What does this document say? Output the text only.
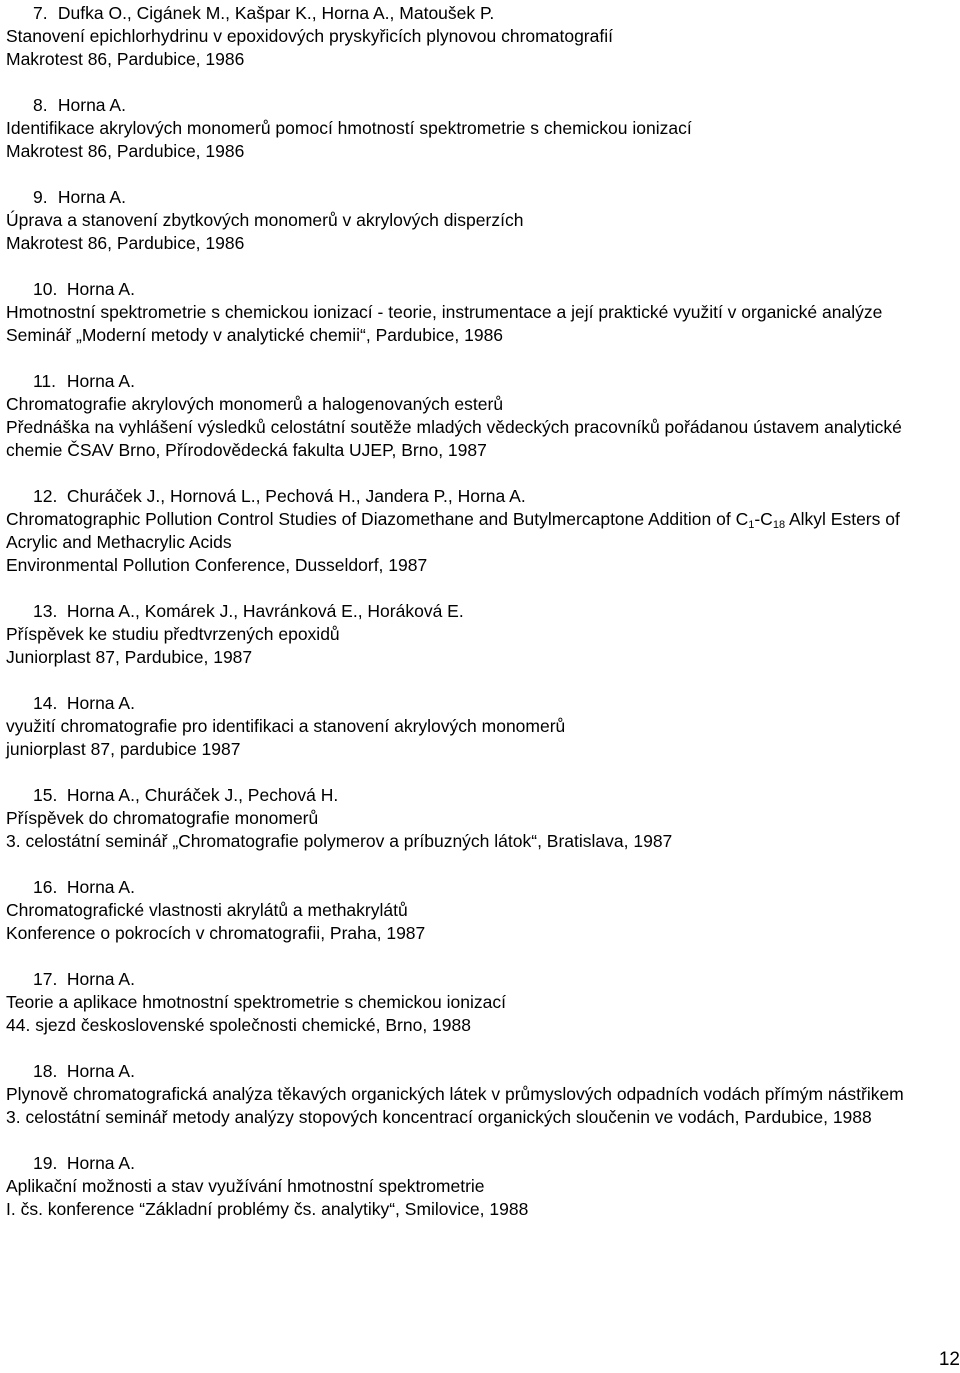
7. Dufka O., Cigánek M., Kašpar K., Horna A., Matoušek P.
Stanovení epichlorhydrinu v epoxidových pryskyřicích plynovou chromatografií
Makrotest 86, Pardubice, 1986
8. Horna A.
Identifikace akrylových monomerů pomocí hmotností spektrometrie s chemickou ionizací
Makrotest 86, Pardubice, 1986
9. Horna A.
Úprava a stanovení zbytkových monomerů v akrylových disperzích
Makrotest 86, Pardubice, 1986
10. Horna A.
Hmotnostní spektrometrie s chemickou ionizací - teorie, instrumentace a její praktické využití v organické analýze
Seminář „Moderní metody v analytické chemii“, Pardubice, 1986
11. Horna A.
Chromatografie akrylových monomerů a halogenovaných esterů
Přednáška na vyhlášení výsledků celostátní soutěže mladých vědeckých pracovníků pořádanou ústavem analytické chemie ČSAV Brno, Přírodovědecká fakulta UJEP, Brno, 1987
12. Churáček J., Hornová L., Pechová H., Jandera P., Horna A.
Chromatographic Pollution Control Studies of Diazomethane and Butylmercaptone Addition of $C_1-C_{18}$ Alkyl Esters of Acrylic and Methacrylic Acids
Environmental Pollution Conference, Dusseldorf, 1987
13. Horna A., Komárek J., Havránková E., Horáková E.
Příspěvek ke studiu předtvrzených epoxidů
Juniorplast 87, Pardubice, 1987
14. Horna A.
využití chromatografie pro identifikaci a stanovení akrylových monomerů
juniorplast 87, pardubice 1987
15. Horna A., Churáček J., Pechová H.
Příspěvek do chromatografie monomerů
3. celostátní seminář „Chromatografie polymerov a príbuzných látok“, Bratislava, 1987
16. Horna A.
Chromatografické vlastnosti akrylátů a methakrylátů
Konference o pokrocích v chromatografii, Praha, 1987
17. Horna A.
Teorie a aplikace hmotnostní spektrometrie s chemickou ionizací
44. sjezd československé společnosti chemické, Brno, 1988
18. Horna A.
Plynově chromatografická analýza těkavých organických látek v průmyslových odpadních vodách přímým nástřikem
3. celostátní seminář metody analýzy stopových koncentrací organických sloučenin ve vodách, Pardubice, 1988
19. Horna A.
Aplikační možnosti a stav využívání hmotnostní spektrometrie
I. čs. konference “Základní problémy čs. analytiky“, Smilovice, 1988
12
